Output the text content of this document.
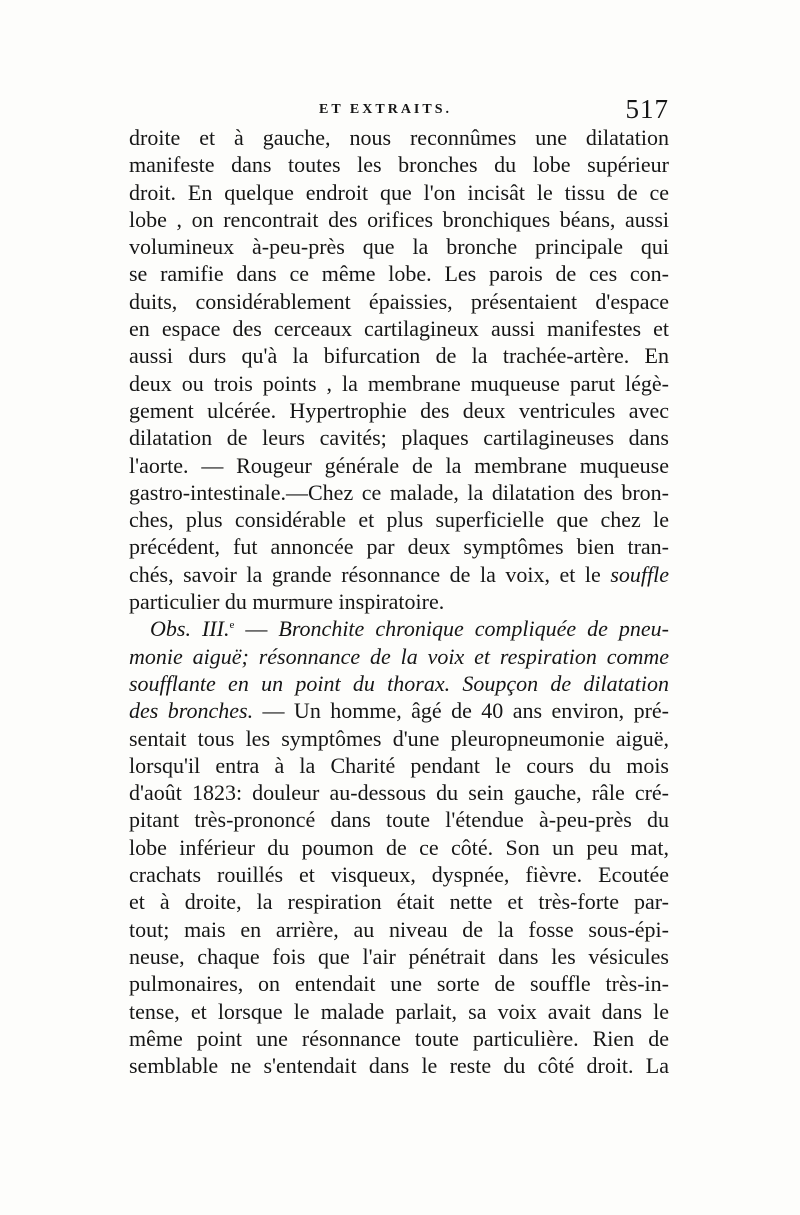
ET EXTRAITS.	517
droite et à gauche, nous reconnûmes une dilatation
manifeste dans toutes les bronches du lobe supérieur
droit. En quelque endroit que l'on incisât le tissu de ce
lobe , on rencontrait des orifices bronchiques béans, aussi
volumineux à-peu-près que la bronche principale qui
se ramifie dans ce même lobe. Les parois de ces con-
duits, considérablement épaissies, présentaient d'espace
en espace des cerceaux cartilagineux aussi manifestes et
aussi durs qu'à la bifurcation de la trachée-artère. En
deux ou trois points , la membrane muqueuse parut légè-
gement ulcérée. Hypertrophie des deux ventricules avec
dilatation de leurs cavités; plaques cartilagineuses dans
l'aorte. — Rougeur générale de la membrane muqueuse
gastro-intestinale.—Chez ce malade, la dilatation des bron-
ches, plus considérable et plus superficielle que chez le
précédent, fut annoncée par deux symptômes bien tran-
chés, savoir la grande résonnance de la voix, et le souffle
particulier du murmure inspiratoire.
Obs. III.$^e$ — Bronchite chronique compliquée de pneu-
monie aiguë; résonnance de la voix et respiration comme
soufflante en un point du thorax. Soupçon de dilatation
des bronches. — Un homme, âgé de 40 ans environ, pré-
sentait tous les symptômes d'une pleuropneumonie aiguë,
lorsqu'il entra à la Charité pendant le cours du mois
d'août 1823: douleur au-dessous du sein gauche, râle cré-
pitant très-prononcé dans toute l'étendue à-peu-près du
lobe inférieur du poumon de ce côté. Son un peu mat,
crachats rouillés et visqueux, dyspnée, fièvre. Ecoutée
et à droite, la respiration était nette et très-forte par-
tout; mais en arrière, au niveau de la fosse sous-épi-
neuse, chaque fois que l'air pénétrait dans les vésicules
pulmonaires, on entendait une sorte de souffle très-in-
tense, et lorsque le malade parlait, sa voix avait dans le
même point une résonnance toute particulière. Rien de
semblable ne s'entendait dans le reste du côté droit. La
